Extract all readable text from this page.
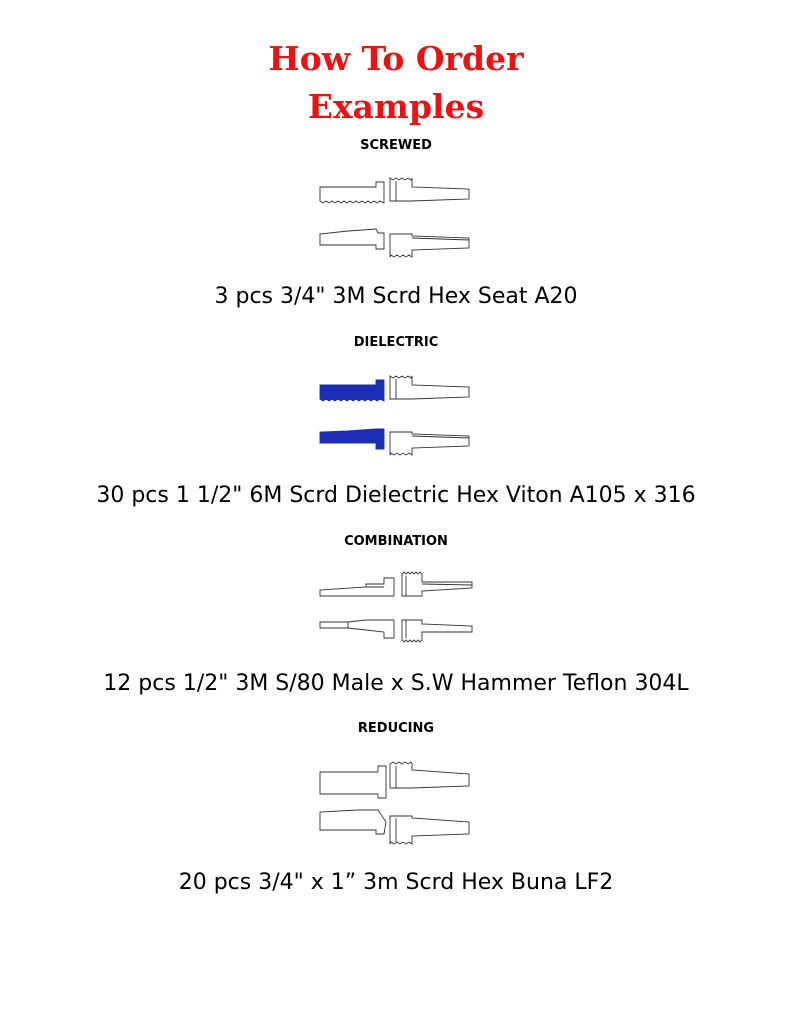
How To Order
Examples
SCREWED
3 pcs 3/4" 3M Scrd Hex Seat A20
DIELECTRIC
30 pcs 1 1/2" 6M Scrd Dielectric Hex Viton A105 x 316
COMBINATION
12 pcs 1/2" 3M S/80 Male x S.W Hammer Teflon 304L
REDUCING
20 pcs 3/4" x 1” 3m Scrd Hex Buna LF2
